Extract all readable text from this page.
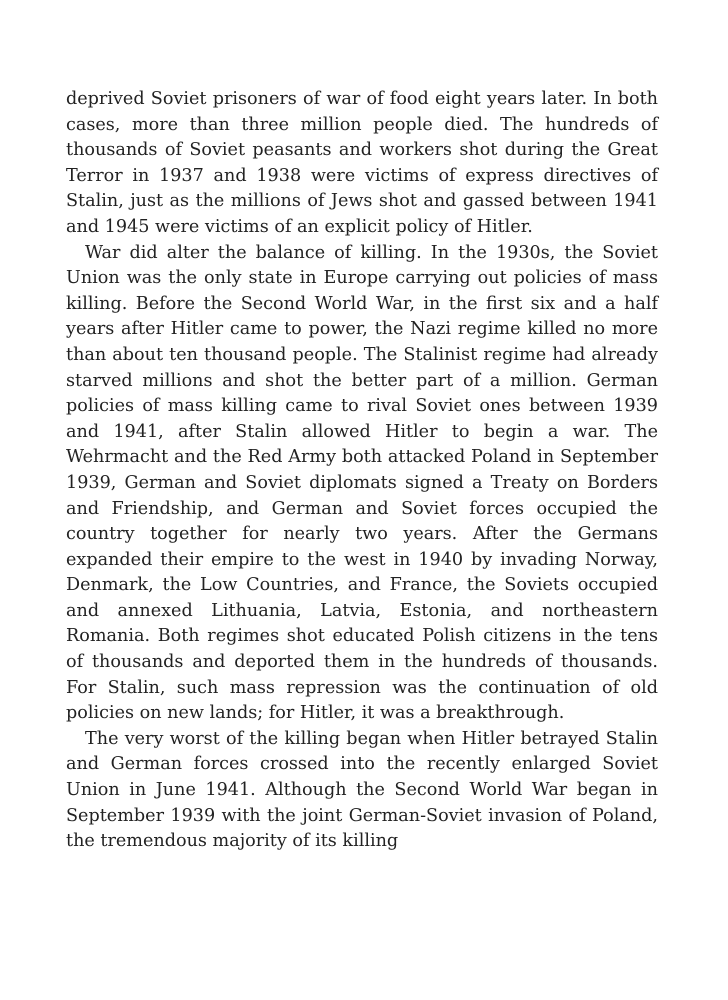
deprived Soviet prisoners of war of food eight years later. In both cases, more than three million people died. The hundreds of thousands of Soviet peasants and workers shot during the Great Terror in 1937 and 1938 were victims of express directives of Stalin, just as the millions of Jews shot and gassed between 1941 and 1945 were victims of an explicit policy of Hitler.

War did alter the balance of killing. In the 1930s, the Soviet Union was the only state in Europe carrying out policies of mass killing. Before the Second World War, in the first six and a half years after Hitler came to power, the Nazi regime killed no more than about ten thousand people. The Stalinist regime had already starved millions and shot the better part of a million. German policies of mass killing came to rival Soviet ones between 1939 and 1941, after Stalin allowed Hitler to begin a war. The Wehrmacht and the Red Army both attacked Poland in September 1939, German and Soviet diplomats signed a Treaty on Borders and Friendship, and German and Soviet forces occupied the country together for nearly two years. After the Germans expanded their empire to the west in 1940 by invading Norway, Denmark, the Low Countries, and France, the Soviets occupied and annexed Lithuania, Latvia, Estonia, and northeastern Romania. Both regimes shot educated Polish citizens in the tens of thousands and deported them in the hundreds of thousands. For Stalin, such mass repression was the continuation of old policies on new lands; for Hitler, it was a breakthrough.

The very worst of the killing began when Hitler betrayed Stalin and German forces crossed into the recently enlarged Soviet Union in June 1941. Although the Second World War began in September 1939 with the joint German-Soviet invasion of Poland, the tremendous majority of its killing
